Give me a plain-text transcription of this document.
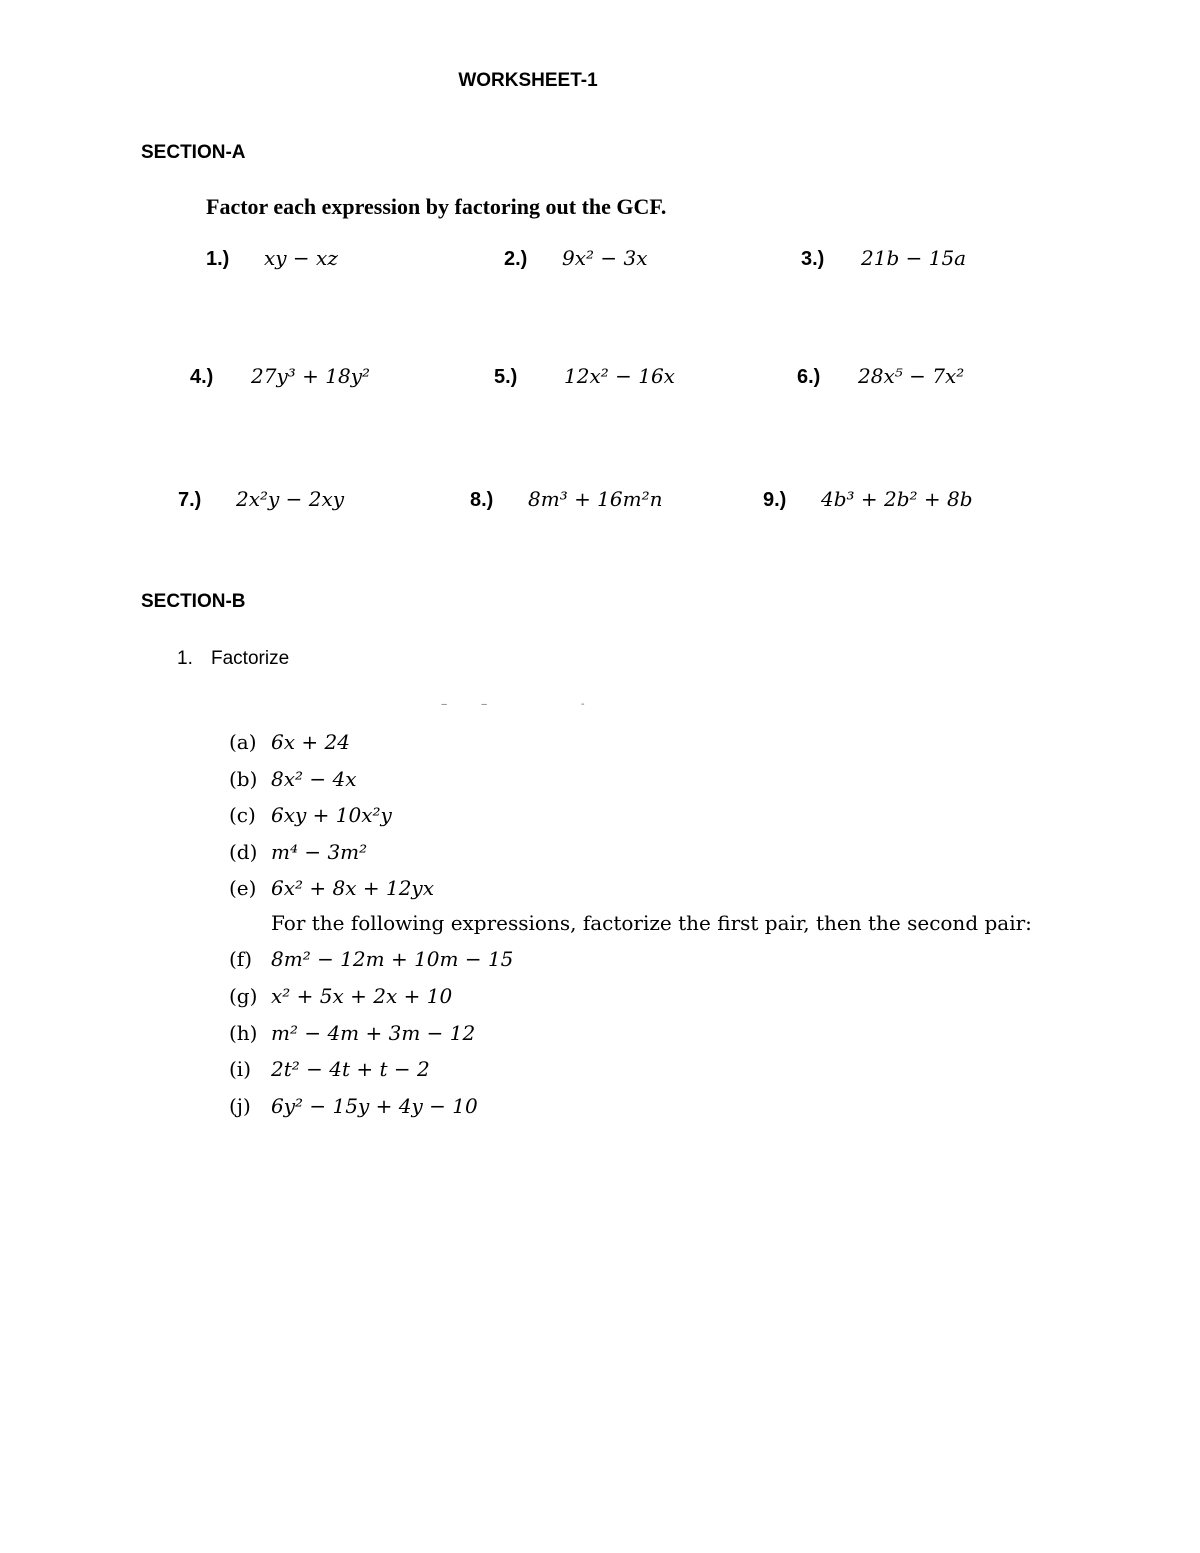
WORKSHEET-1
SECTION-A
Factor each expression by factoring out the GCF.
1.)	xy − xz	2.)	9x² − 3x	3.)	21b − 15a
4.)	27y³ + 18y²	5.)	12x² − 16x	6.)	28x⁵ − 7x²
7.)	2x²y − 2xy	8.)	8m³ + 16m²n	9.)	4b³ + 2b² + 8b
SECTION-B
1. Factorize
‒	‒	-
(a) 6x + 24
(b) 8x² − 4x
(c) 6xy + 10x²y
(d) m⁴ − 3m²
(e) 6x² + 8x + 12yx
For the following expressions, factorize the first pair, then the second pair:
(f) 8m² − 12m + 10m − 15
(g) x² + 5x + 2x + 10
(h) m² − 4m + 3m − 12
(i) 2t² − 4t + t − 2
(j) 6y² − 15y + 4y − 10
